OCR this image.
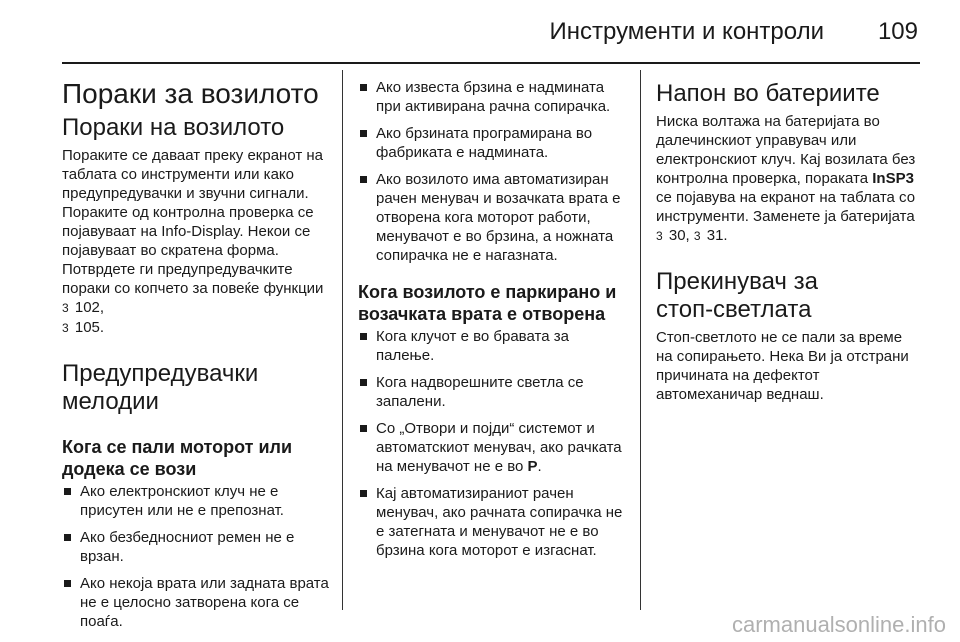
Инструменти и контроли 109
Пораки за возилото
Пораки на возилото

Пораките се даваат преку екранот на таблата со инструменти или како предупредувачки и звучни сигнали. Пораките од контролна проверка се појавуваат на Info-Display. Некои се појавуваат во скратена форма. Потврдете ги предупредувачките пораки со копчето за повеќе функции3 102,
3 105.

Предупредувачки
мелодии
Кога се пали моторот или
додека се вози
Ако електронскиот клуч не е присутен или не е препознат.
Ако безбедносниот ремен не е врзан.
Ако некоја врата или задната врата не е целосно затворена кога се поаѓа.
Ако известа брзина е надмината при активирана рачна сопирачка.
Ако брзината програмирана во фабриката е надмината.
Ако возилото има автоматизиран рачен менувач и возачката врата е отворена кога моторот работи, менувачот е во брзина, а ножната сопирачка не е нагазната.
Кога возилото е паркирано и
возачката врата е отворена
Кога клучот е во бравата за палење.
Кога надворешните светла се запалени.
Со „Отвори и појди“ системот и автоматскиот менувач, ако рачката на менувачот не е во P.
Кај автоматизираниот рачен менувач, ако рачната сопирачка не е затегната и менувачот не е во брзина кога моторот е изгаснат.
Напон во батериите

Ниска волтажа на батеријата во далечинскиот управувач или електронскиот клуч. Кај возилата без контролна проверка, пораката InSP3 се појавува на екранот на таблата со инструменти. Заменете ја батеријата 3 30, 3 31.

Прекинувач за
стоп-светлата

Стоп-светлото не се пали за време на сопирањето. Нека Ви ја отстрани причината на дефектот автомеханичар веднаш.

carmanualsonline.info
